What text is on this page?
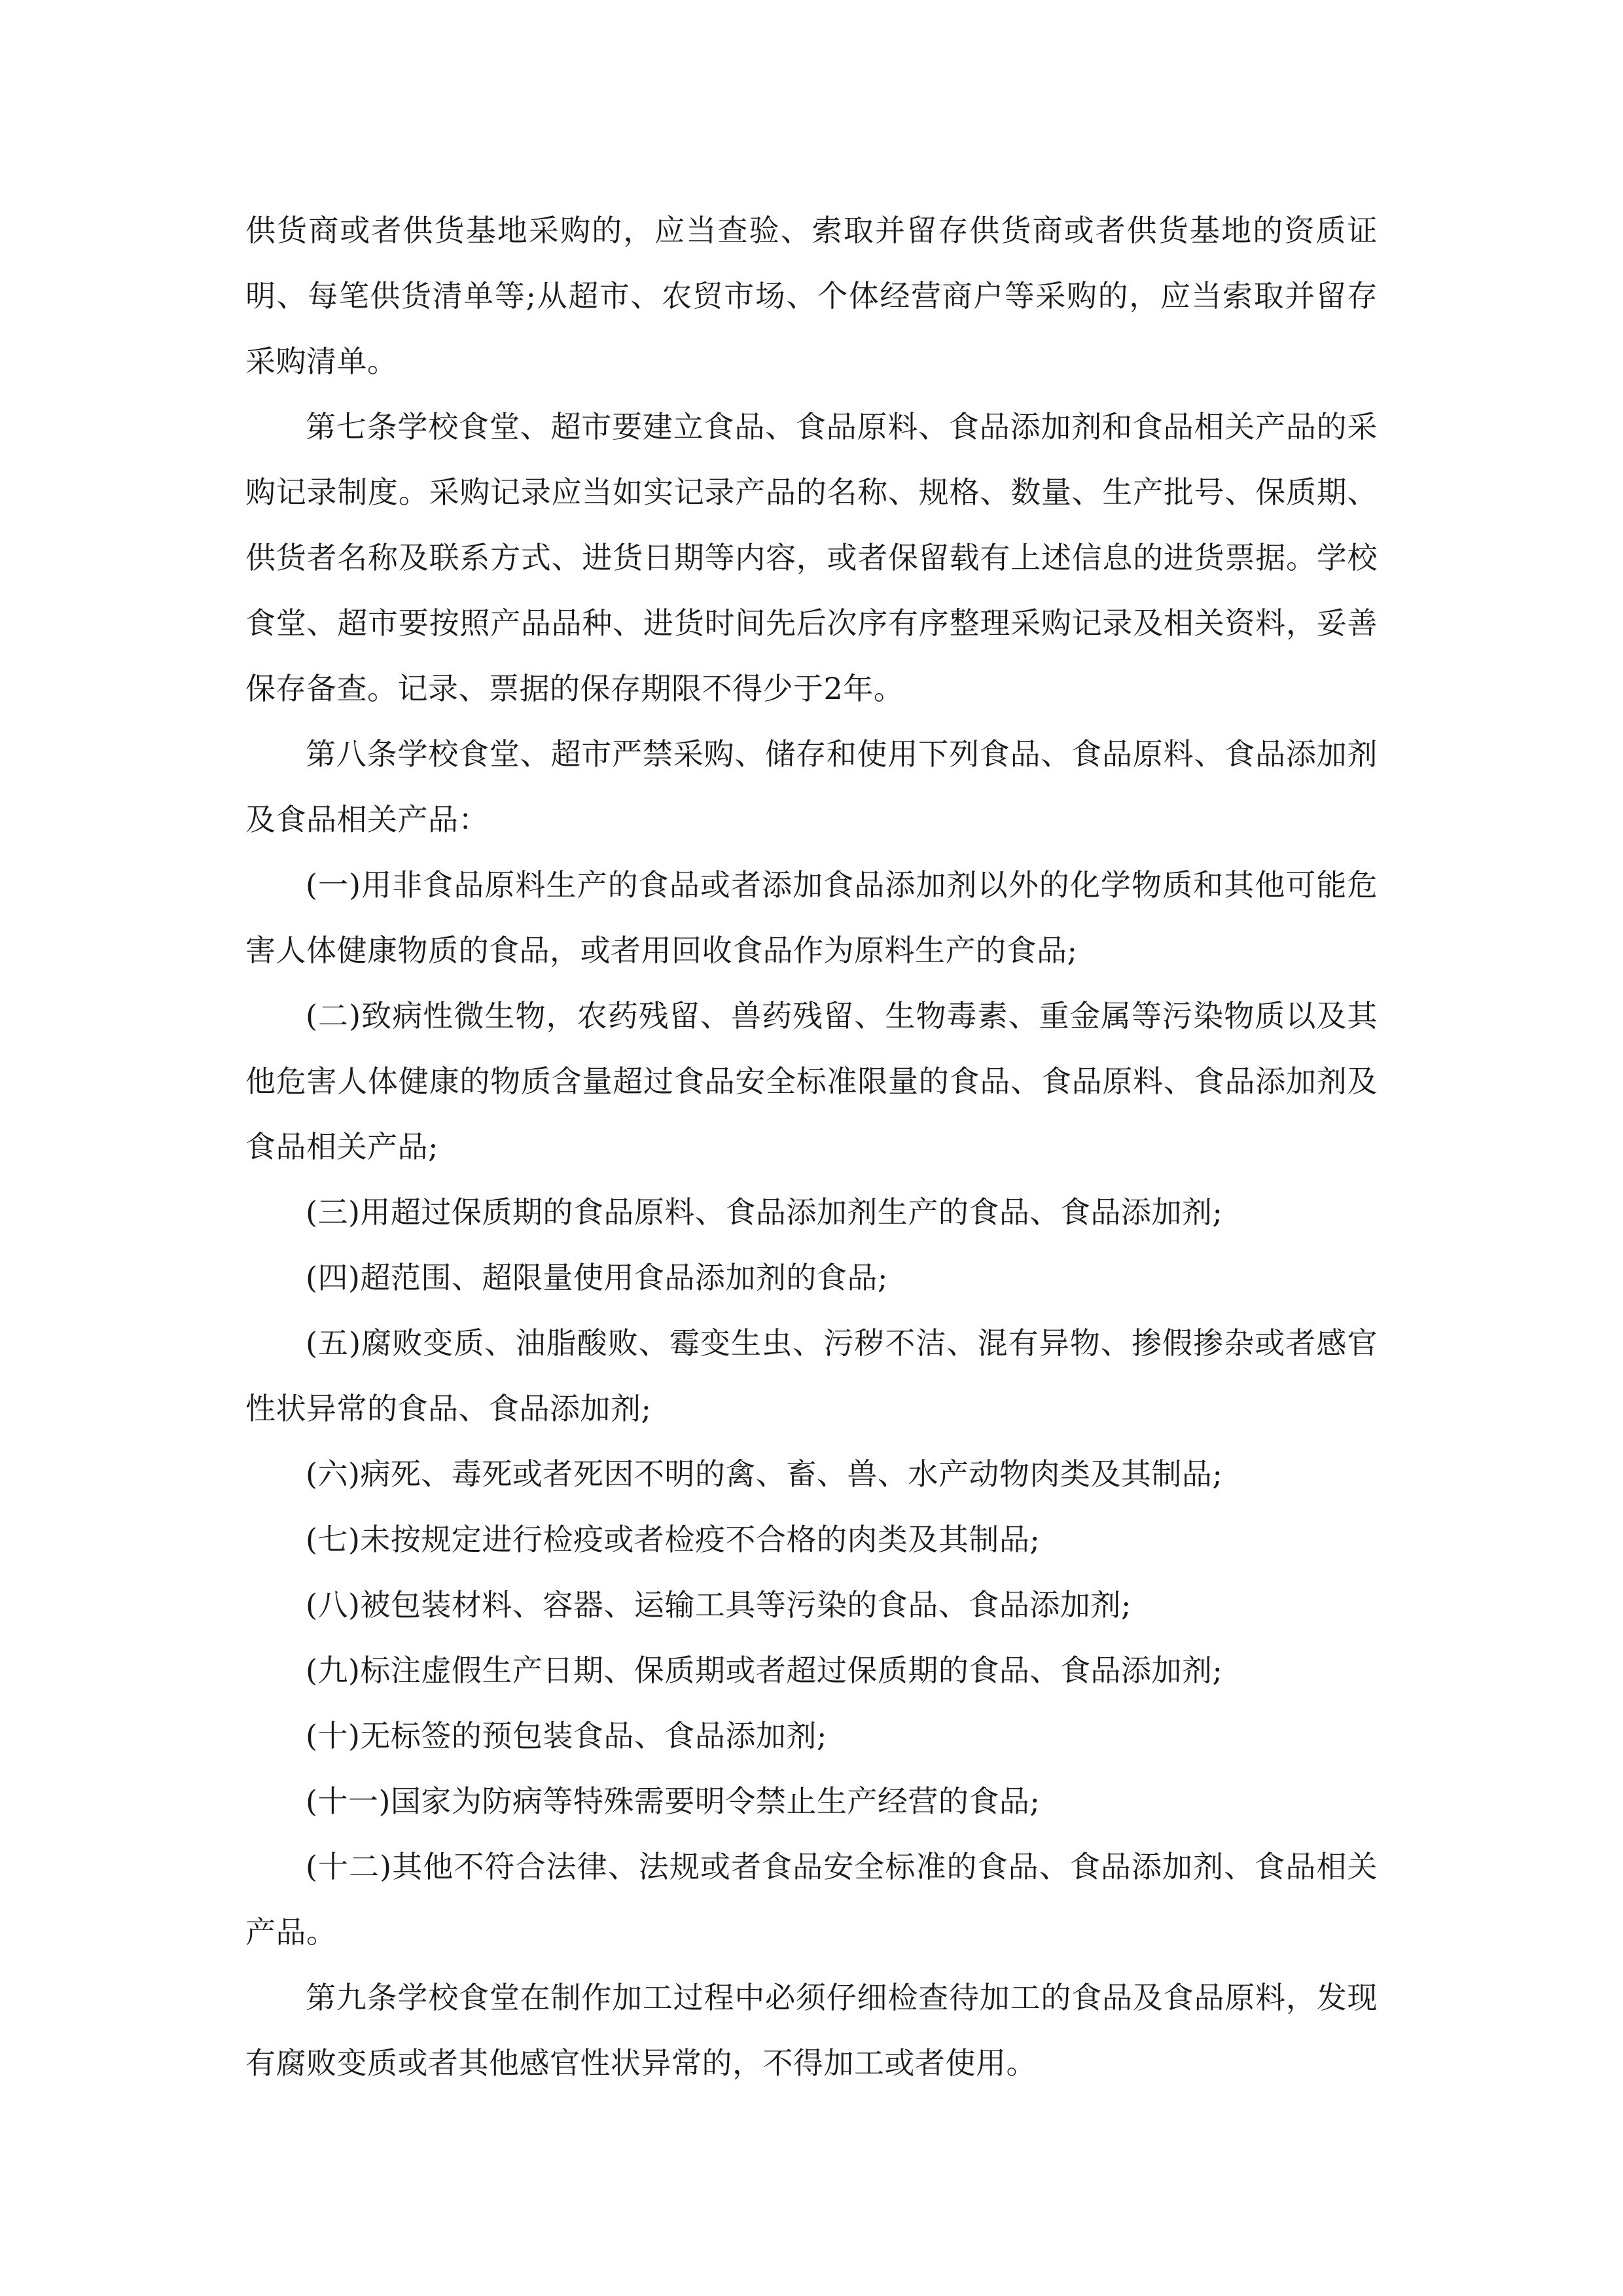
供货商或者供货基地采购的，应当查验、索取并留存供货商或者供货基地的资质证明、每笔供货清单等;从超市、农贸市场、个体经营商户等采购的，应当索取并留存采购清单。

第七条学校食堂、超市要建立食品、食品原料、食品添加剂和食品相关产品的采购记录制度。采购记录应当如实记录产品的名称、规格、数量、生产批号、保质期、供货者名称及联系方式、进货日期等内容，或者保留载有上述信息的进货票据。学校食堂、超市要按照产品品种、进货时间先后次序有序整理采购记录及相关资料，妥善保存备查。记录、票据的保存期限不得少于2年。

第八条学校食堂、超市严禁采购、储存和使用下列食品、食品原料、食品添加剂及食品相关产品：

(一)用非食品原料生产的食品或者添加食品添加剂以外的化学物质和其他可能危害人体健康物质的食品，或者用回收食品作为原料生产的食品;

(二)致病性微生物，农药残留、兽药残留、生物毒素、重金属等污染物质以及其他危害人体健康的物质含量超过食品安全标准限量的食品、食品原料、食品添加剂及食品相关产品;

(三)用超过保质期的食品原料、食品添加剂生产的食品、食品添加剂;

(四)超范围、超限量使用食品添加剂的食品;

(五)腐败变质、油脂酸败、霉变生虫、污秽不洁、混有异物、掺假掺杂或者感官性状异常的食品、食品添加剂;

(六)病死、毒死或者死因不明的禽、畜、兽、水产动物肉类及其制品;

(七)未按规定进行检疫或者检疫不合格的肉类及其制品;

(八)被包装材料、容器、运输工具等污染的食品、食品添加剂;

(九)标注虚假生产日期、保质期或者超过保质期的食品、食品添加剂;

(十)无标签的预包装食品、食品添加剂;

(十一)国家为防病等特殊需要明令禁止生产经营的食品;

(十二)其他不符合法律、法规或者食品安全标准的食品、食品添加剂、食品相关产品。

第九条学校食堂在制作加工过程中必须仔细检查待加工的食品及食品原料，发现有腐败变质或者其他感官性状异常的，不得加工或者使用。
